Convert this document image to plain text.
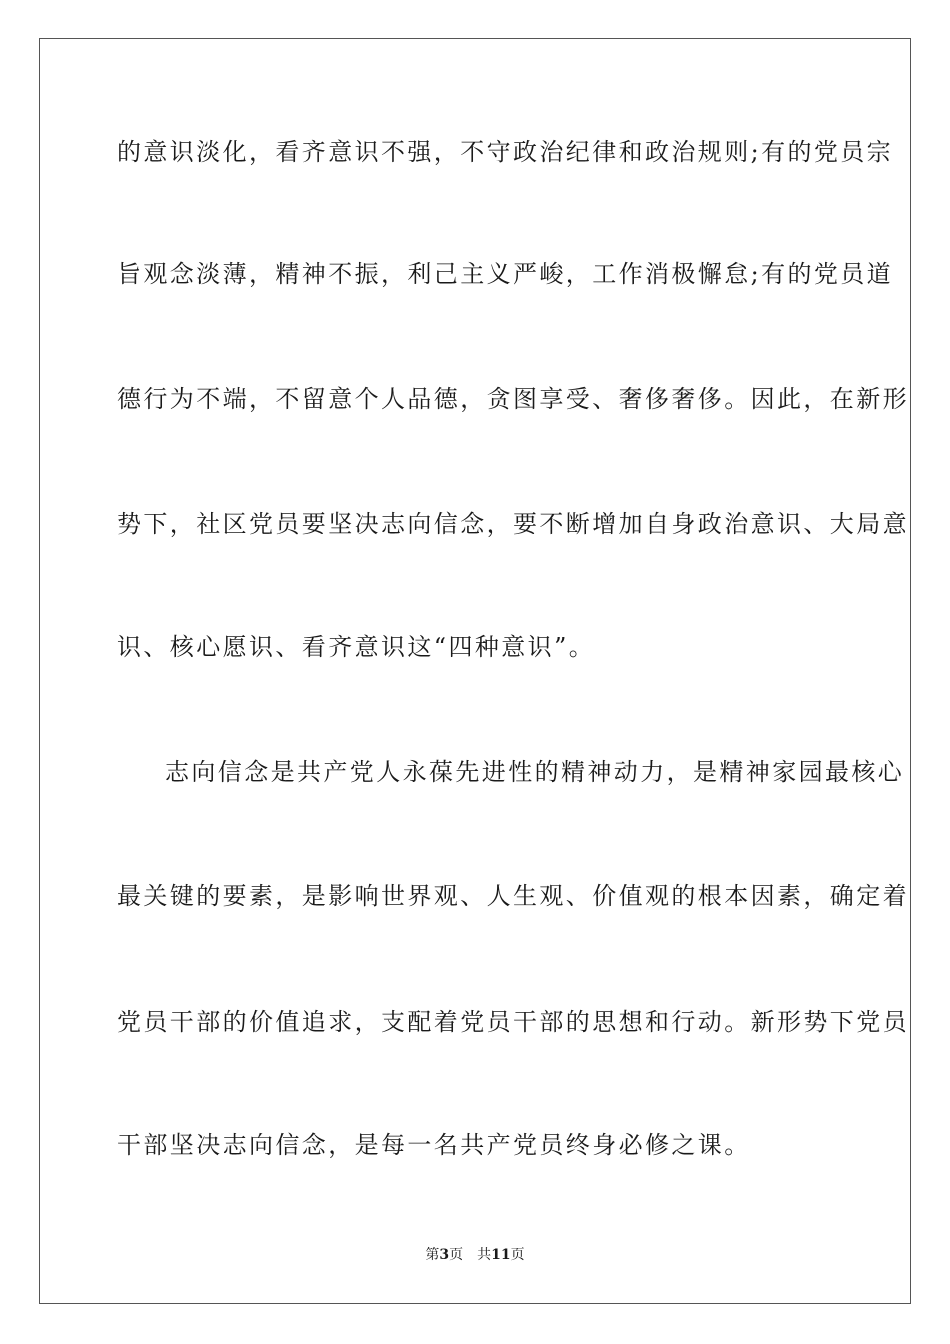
的意识淡化，看齐意识不强，不守政治纪律和政治规则;有的党员宗
旨观念淡薄，精神不振，利己主义严峻，工作消极懈怠;有的党员道
德行为不端，不留意个人品德，贪图享受、奢侈奢侈。因此，在新形
势下，社区党员要坚决志向信念，要不断增加自身政治意识、大局意
识、核心愿识、看齐意识这“四种意识”。
志向信念是共产党人永葆先进性的精神动力，是精神家园最核心
最关键的要素，是影响世界观、人生观、价值观的根本因素，确定着
党员干部的价值追求，支配着党员干部的思想和行动。新形势下党员
干部坚决志向信念，是每一名共产党员终身必修之课。
第3页 共11页
